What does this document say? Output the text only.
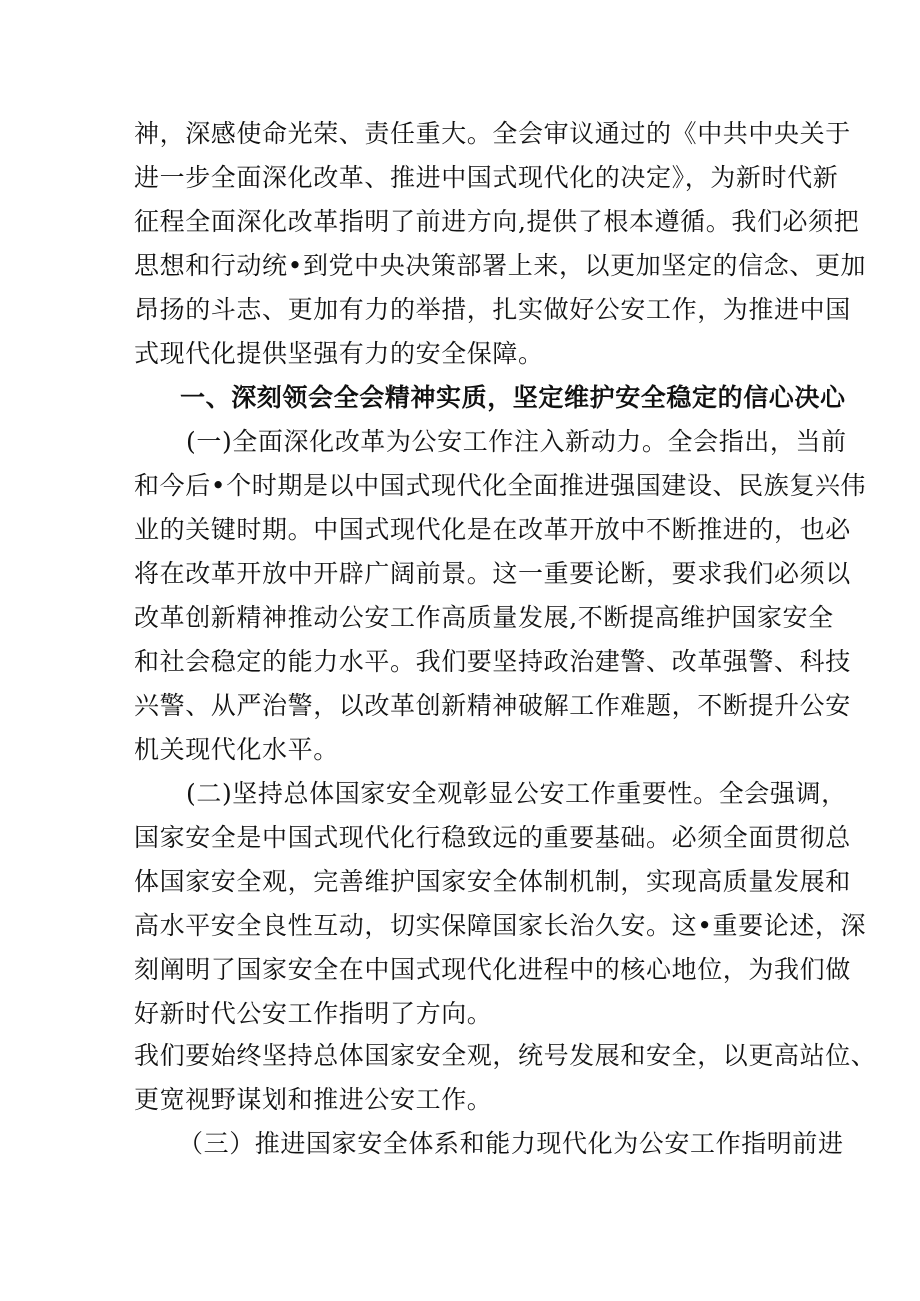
神，深感使命光荣、责任重大。全会审议通过的《中共中央关于
进一步全面深化改革、推进中国式现代化的决定》，为新时代新
征程全面深化改革指明了前进方向,提供了根本遵循。我们必须把
思想和行动统•到党中央决策部署上来，以更加坚定的信念、更加
昂扬的斗志、更加有力的举措，扎实做好公安工作，为推进中国
式现代化提供坚强有力的安全保障。
一、深刻领会全会精神实质，坚定维护安全稳定的信心决心
(一)全面深化改革为公安工作注入新动力。全会指出，当前
和今后•个时期是以中国式现代化全面推进强国建设、民族复兴伟
业的关键时期。中国式现代化是在改革开放中不断推进的，也必
将在改革开放中开辟广阔前景。这一重要论断，要求我们必须以
改革创新精神推动公安工作高质量发展,不断提高维护国家安全
和社会稳定的能力水平。我们要坚持政治建警、改革强警、科技
兴警、从严治警，以改革创新精神破解工作难题，不断提升公安
机关现代化水平。
(二)坚持总体国家安全观彰显公安工作重要性。全会强调，
国家安全是中国式现代化行稳致远的重要基础。必须全面贯彻总
体国家安全观，完善维护国家安全体制机制，实现高质量发展和
高水平安全良性互动，切实保障国家长治久安。这•重要论述，深
刻阐明了国家安全在中国式现代化进程中的核心地位，为我们做
好新时代公安工作指明了方向。
我们要始终坚持总体国家安全观，统号发展和安全，以更高站位、
更宽视野谋划和推进公安工作。
（三）推进国家安全体系和能力现代化为公安工作指明前进
